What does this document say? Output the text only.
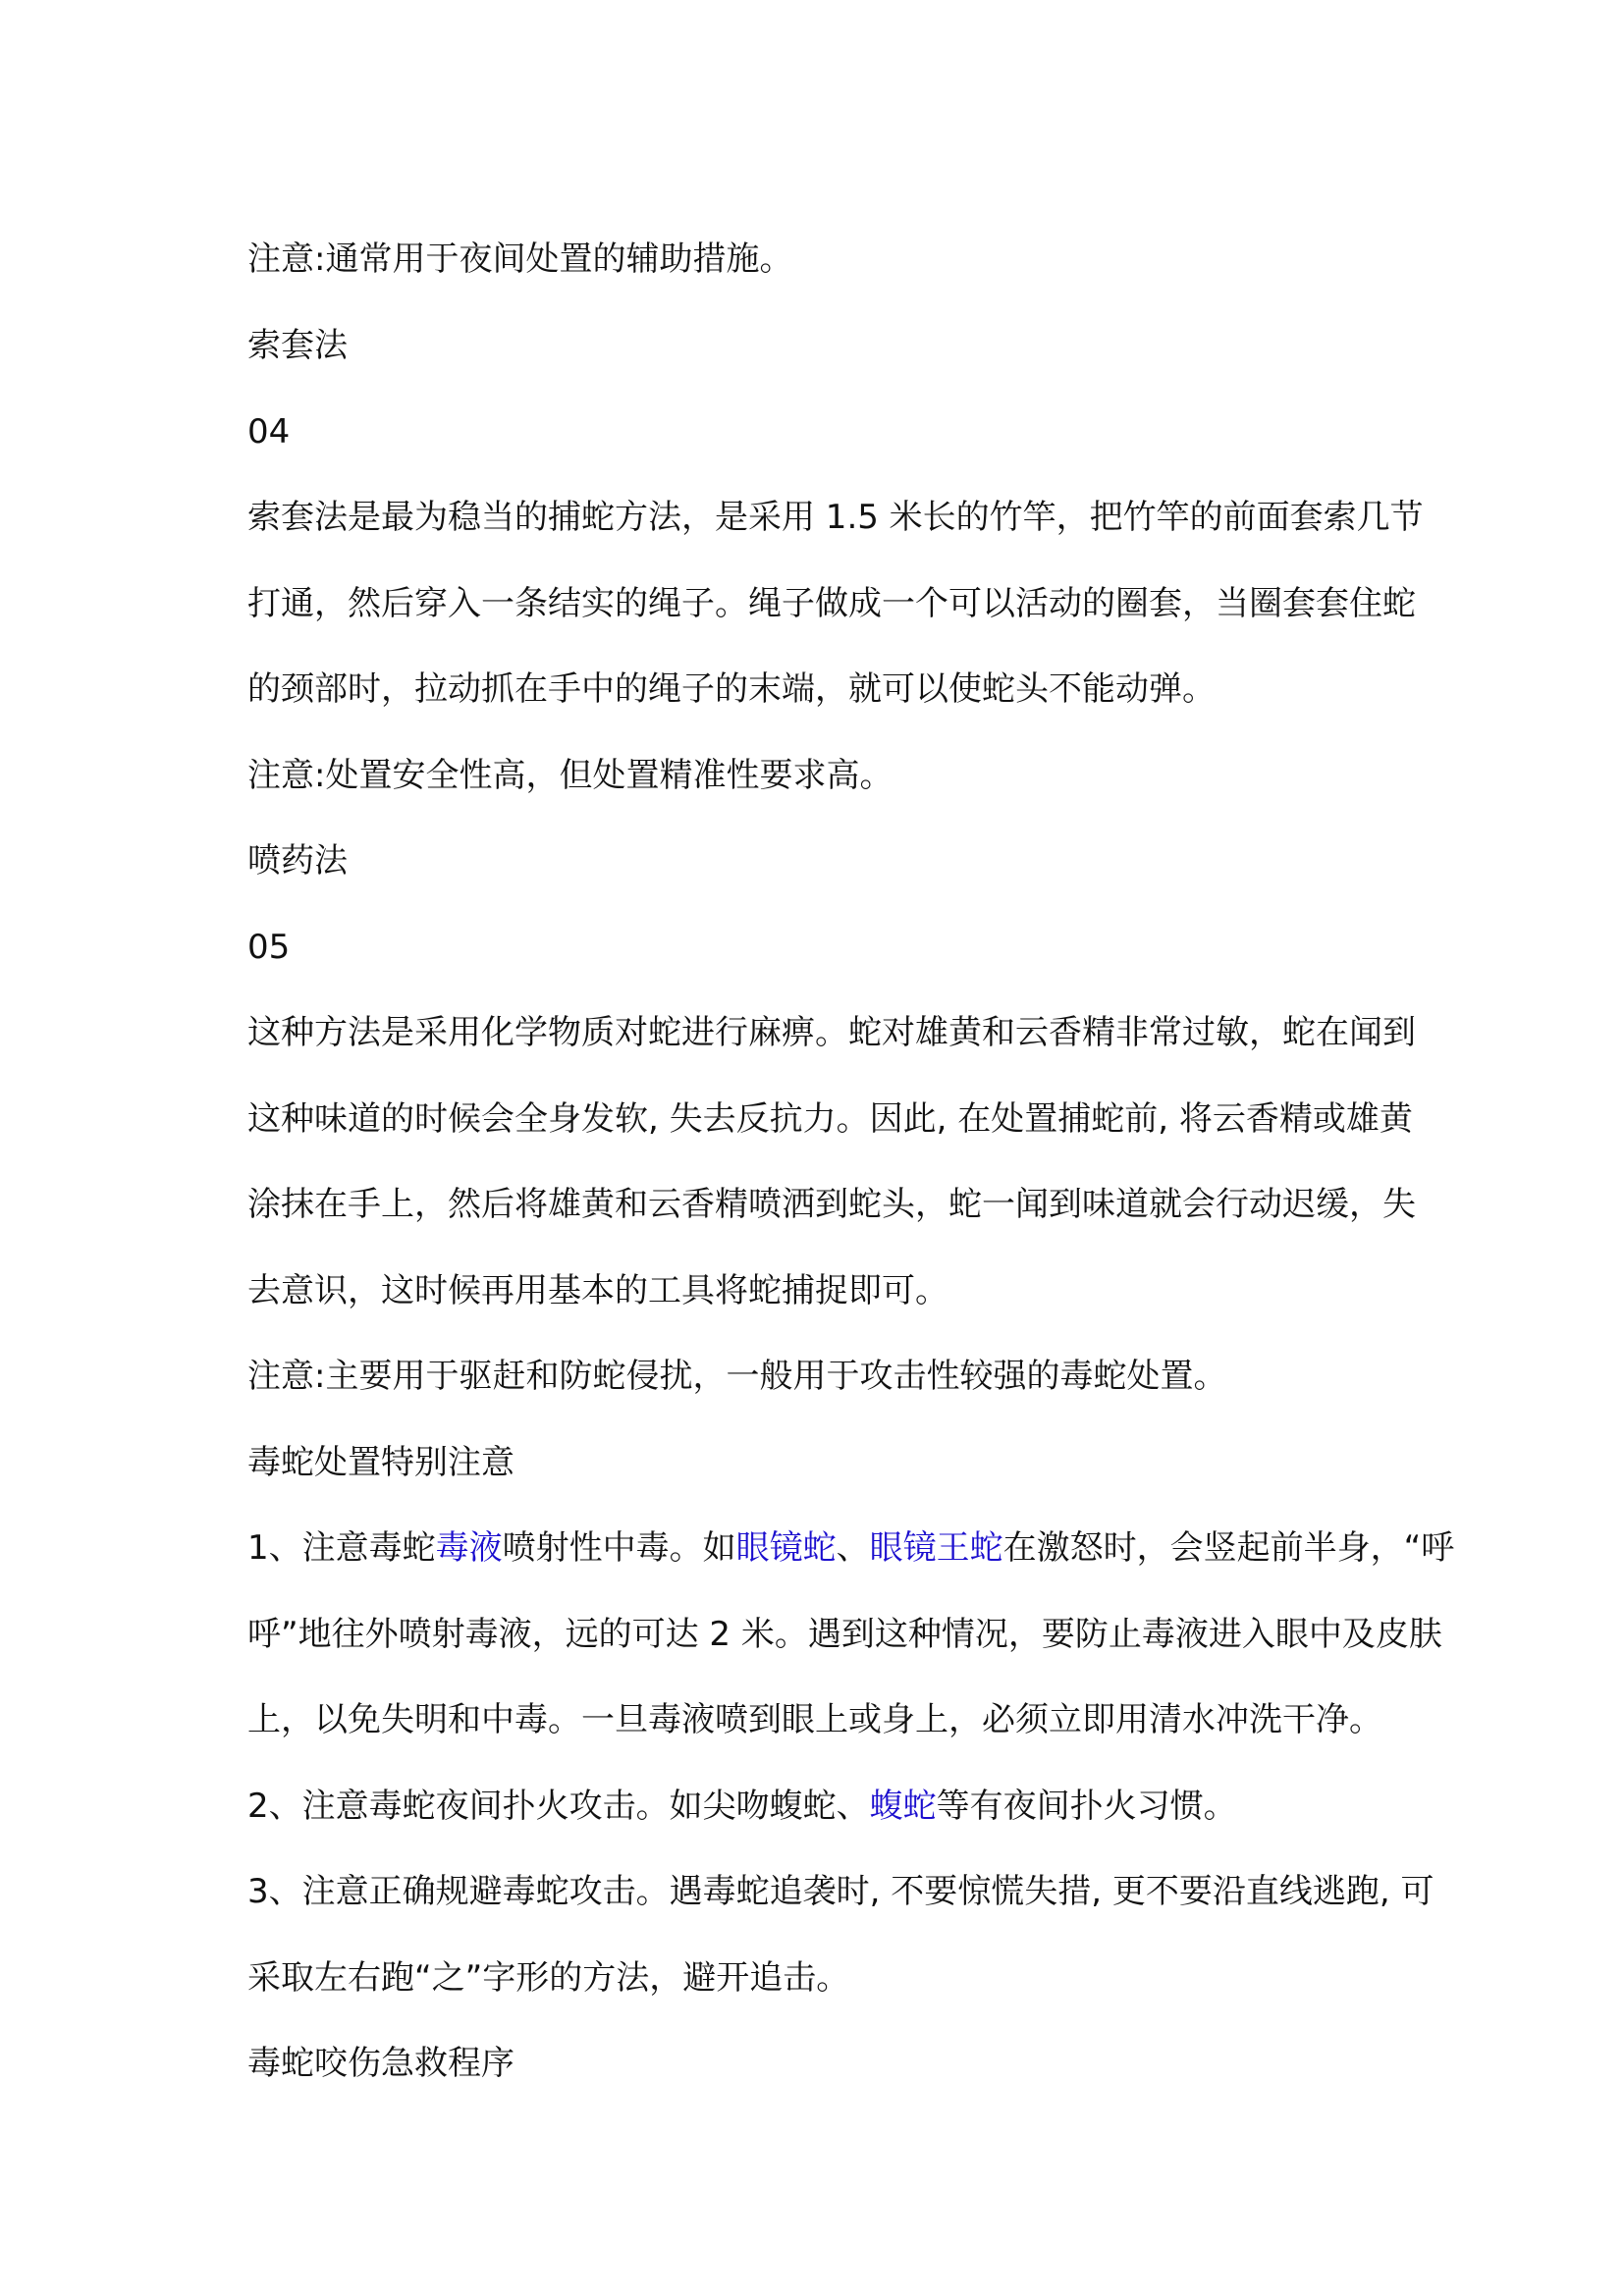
注意:通常用于夜间处置的辅助措施。
索套法
04
索套法是最为稳当的捕蛇方法，是采用 1.5 米长的竹竿，把竹竿的前面套索几节
打通，然后穿入一条结实的绳子。绳子做成一个可以活动的圈套，当圈套套住蛇
的颈部时，拉动抓在手中的绳子的末端，就可以使蛇头不能动弹。
注意:处置安全性高，但处置精准性要求高。
喷药法
05
这种方法是采用化学物质对蛇进行麻痹。蛇对雄黄和云香精非常过敏，蛇在闻到
这种味道的时候会全身发软, 失去反抗力。因此, 在处置捕蛇前, 将云香精或雄黄
涂抹在手上，然后将雄黄和云香精喷洒到蛇头，蛇一闻到味道就会行动迟缓，失
去意识，这时候再用基本的工具将蛇捕捉即可。
注意:主要用于驱赶和防蛇侵扰，一般用于攻击性较强的毒蛇处置。
毒蛇处置特别注意
1、注意毒蛇毒液喷射性中毒。如眼镜蛇、眼镜王蛇在激怒时，会竖起前半身，“呼
呼”地往外喷射毒液，远的可达 2 米。遇到这种情况，要防止毒液进入眼中及皮肤
上，以免失明和中毒。一旦毒液喷到眼上或身上，必须立即用清水冲洗干净。
2、注意毒蛇夜间扑火攻击。如尖吻蝮蛇、蝮蛇等有夜间扑火习惯。
3、注意正确规避毒蛇攻击。遇毒蛇追袭时, 不要惊慌失措, 更不要沿直线逃跑, 可
采取左右跑“之”字形的方法，避开追击。
毒蛇咬伤急救程序
